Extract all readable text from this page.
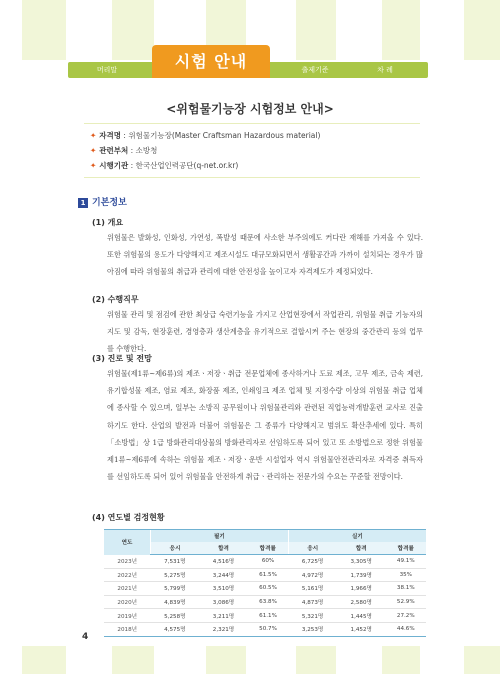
머리말	출제기준	차 례
시험 안내
<위험물기능장 시험정보 안내>
✦ 자격명 : 위험물기능장(Master Craftsman Hazardous material)
✦ 관련부처 : 소방청
✦ 시행기관 : 한국산업인력공단(q-net.or.kr)
1 기본정보
(1) 개요

위험물은 발화성, 인화성, 가연성, 폭발성 때문에 사소한 부주의에도 커다란 재해를 가져올 수 있다. 또한 위험물의 용도가 다양해지고 제조시설도 대규모화되면서 생활공간과 가까이 설치되는 경우가 많아짐에 따라 위험물의 취급과 관리에 대한 안전성을 높이고자 자격제도가 제정되었다.

(2) 수행직무

위험물 관리 및 점검에 관한 최상급 숙련기능을 가지고 산업현장에서 작업관리, 위험물 취급 기능자의 지도 및 감독, 현장훈련, 경영층과 생산계층을 유기적으로 결합시켜 주는 현장의 중간관리 등의 업무를 수행한다.

(3) 진로 및 전망

위험물(제1류~제6류)의 제조ㆍ저장ㆍ취급 전문업체에 종사하거나 도료 제조, 고무 제조, 금속 제련, 유기합성물 제조, 염료 제조, 화장품 제조, 인쇄잉크 제조 업체 및 지정수량 이상의 위험물 취급 업체에 종사할 수 있으며, 일부는 소방직 공무원이나 위험물관리와 관련된 직업능력개발훈련 교사로 진출하기도 한다. 산업의 발전과 더불어 위험물은 그 종류가 다양해지고 범위도 확산추세에 있다. 특히 「소방법」상 1급 방화관리대상물의 방화관리자로 선임하도록 되어 있고 또 소방법으로 정한 위험물 제1류~제6류에 속하는 위험물 제조ㆍ저장ㆍ운반 시설업자 역시 위험물안전관리자로 자격증 취득자를 선임하도록 되어 있어 위험물을 안전하게 취급ㆍ관리하는 전문가의 수요는 꾸준할 전망이다.

(4) 연도별 검정현황
연도	필기			실기		
	응시	합격	합격률	응시	합격	합격률
2023년	7,531명	4,516명	60%	6,725명	3,305명	49.1%
2022년	5,275명	3,244명	61.5%	4,972명	1,739명	35%
2021년	5,799명	3,510명	60.5%	5,161명	1,966명	38.1%
2020년	4,839명	3,086명	63.8%	4,873명	2,580명	52.9%
2019년	5,258명	3,211명	61.1%	5,321명	1,445명	27.2%
2018년	4,575명	2,321명	50.7%	3,253명	1,452명	44.6%
4
